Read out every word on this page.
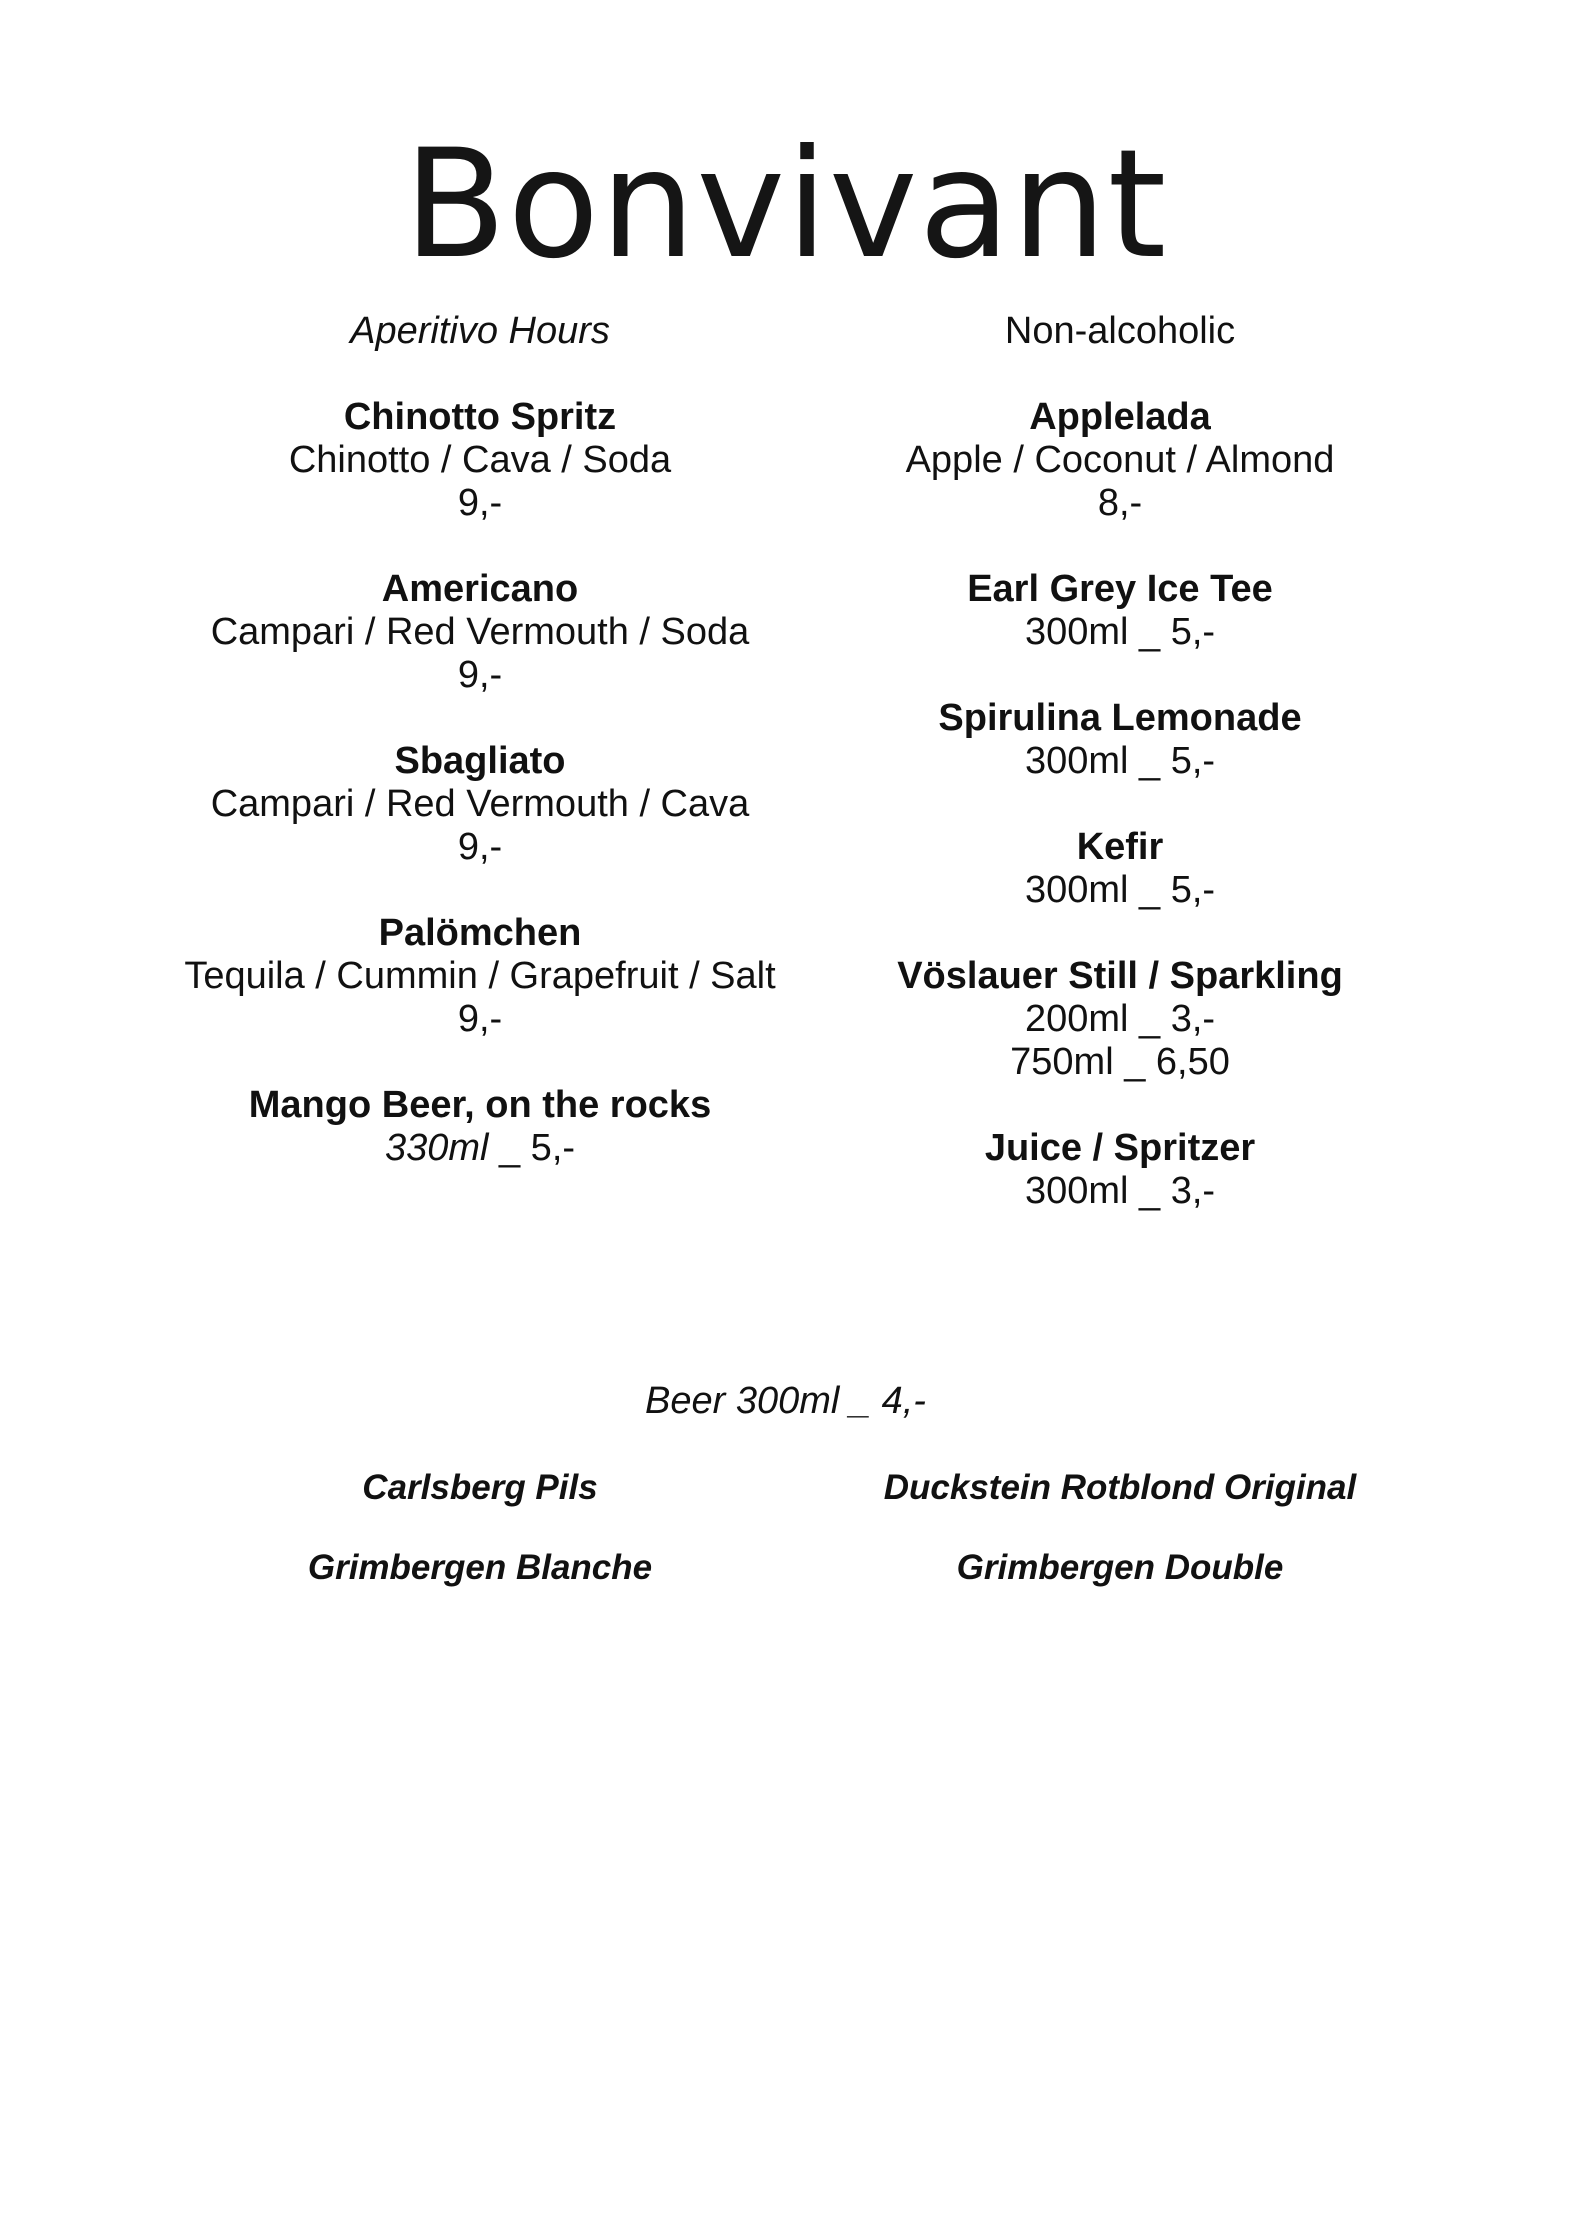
Bonvivant
Aperitivo Hours
Chinotto Spritz
Chinotto / Cava / Soda
9,-
Americano
Campari / Red Vermouth / Soda
9,-
Sbagliato
Campari / Red Vermouth / Cava
9,-
Palömchen
Tequila / Cummin / Grapefruit / Salt
9,-
Mango Beer, on the rocks
330ml _ 5,-
Non-alcoholic
Applelada
Apple / Coconut / Almond
8,-
Earl Grey Ice Tee
300ml _ 5,-
Spirulina Lemonade
300ml _ 5,-
Kefir
300ml _ 5,-
Vöslauer Still / Sparkling
200ml _ 3,-
750ml _ 6,50
Juice / Spritzer
300ml _ 3,-
Beer 300ml _ 4,-
Carlsberg Pils	Duckstein Rotblond Original
Grimbergen Blanche	Grimbergen Double
